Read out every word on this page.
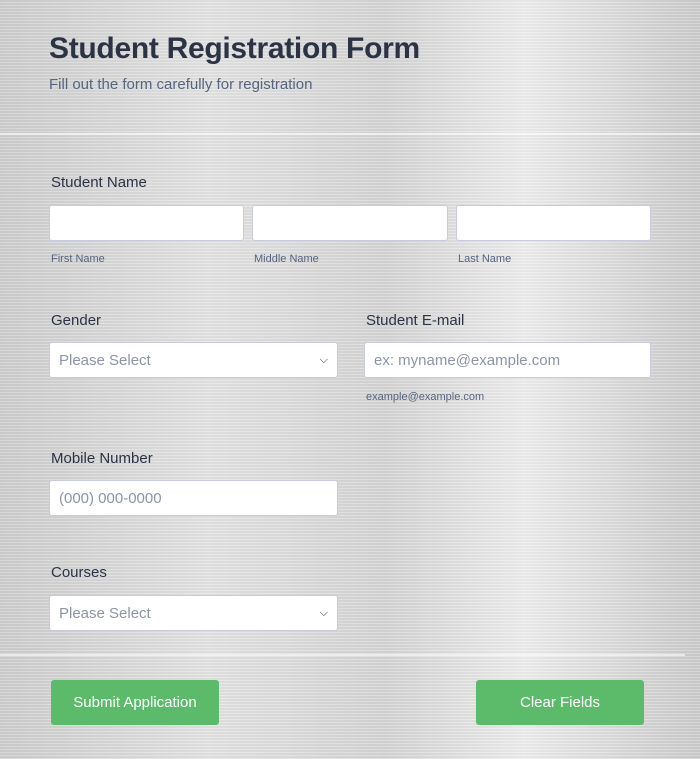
Student Registration Form
Fill out the form carefully for registration
Student Name
First Name	Middle Name	Last Name
Gender
Please Select	⌵
Student E-mail
ex: myname@example.com
example@example.com
Mobile Number
(000) 000-0000
Courses
Please Select	⌵
Submit Application	Clear Fields
